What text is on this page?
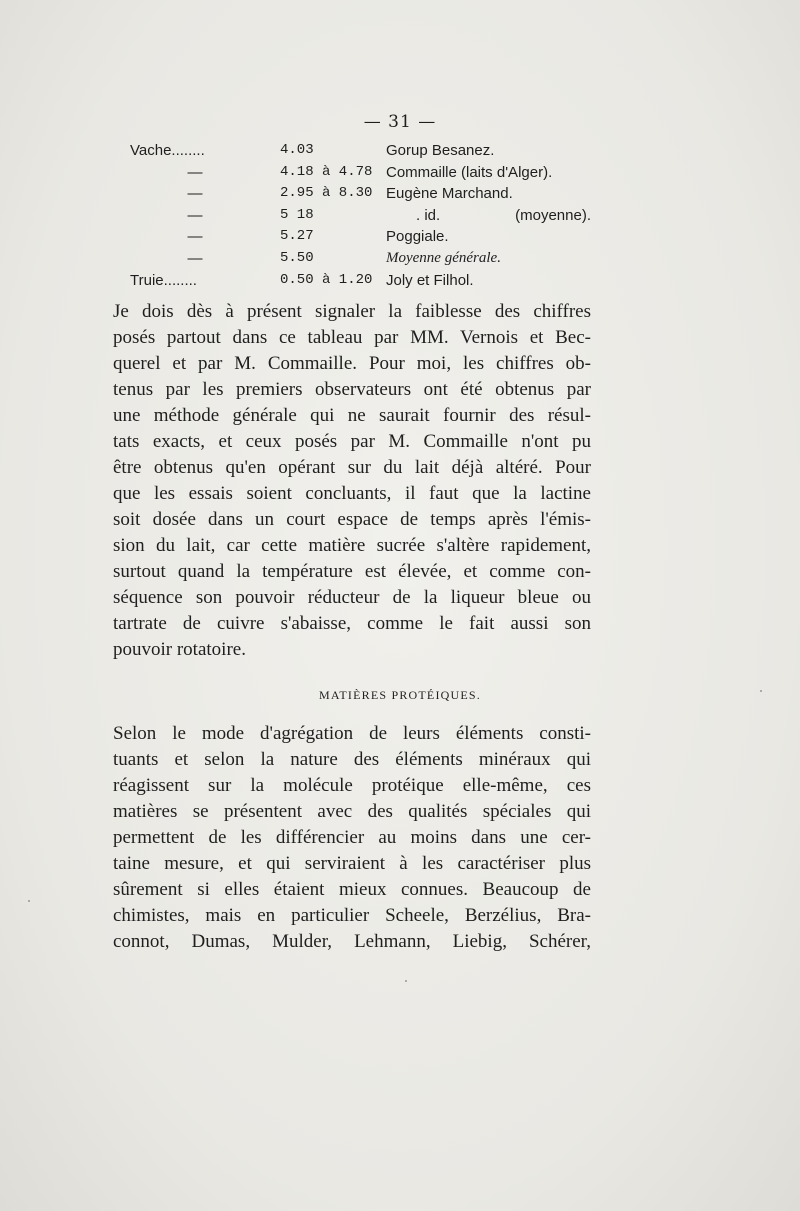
— 31 —
Vache........	4.03	Gorup Besanez.
—	4.18 à 4.78 Commaille (laits d'Alger).
—	2.95 à 8.30 Eugène Marchand.
—	5 18	. id.	(moyenne).
—	5.27	Poggiale.
—	5.50	Moyenne générale.
Truie........	0.50 à 1.20 Joly et Filhol.

Je dois dès à présent signaler la faiblesse des chiffres
posés partout dans ce tableau par MM. Vernois et Bec-
querel et par M. Commaille. Pour moi, les chiffres ob-
tenus par les premiers observateurs ont été obtenus par
une méthode générale qui ne saurait fournir des résul-
tats exacts, et ceux posés par M. Commaille n'ont pu
être obtenus qu'en opérant sur du lait déjà altéré. Pour
que les essais soient concluants, il faut que la lactine
soit dosée dans un court espace de temps après l'émis-
sion du lait, car cette matière sucrée s'altère rapidement,
surtout quand la température est élevée, et comme con-
séquence son pouvoir réducteur de la liqueur bleue ou
tartrate de cuivre s'abaisse, comme le fait aussi son
pouvoir rotatoire.

MATIÈRES PROTÉIQUES.

Selon le mode d'agrégation de leurs éléments consti-
tuants et selon la nature des éléments minéraux qui
réagissent sur la molécule protéique elle-même, ces
matières se présentent avec des qualités spéciales qui
permettent de les différencier au moins dans une cer-
taine mesure, et qui serviraient à les caractériser plus
sûrement si elles étaient mieux connues. Beaucoup de
chimistes, mais en particulier Scheele, Berzélius, Bra-
connot, Dumas, Mulder, Lehmann, Liebig, Schérer,
